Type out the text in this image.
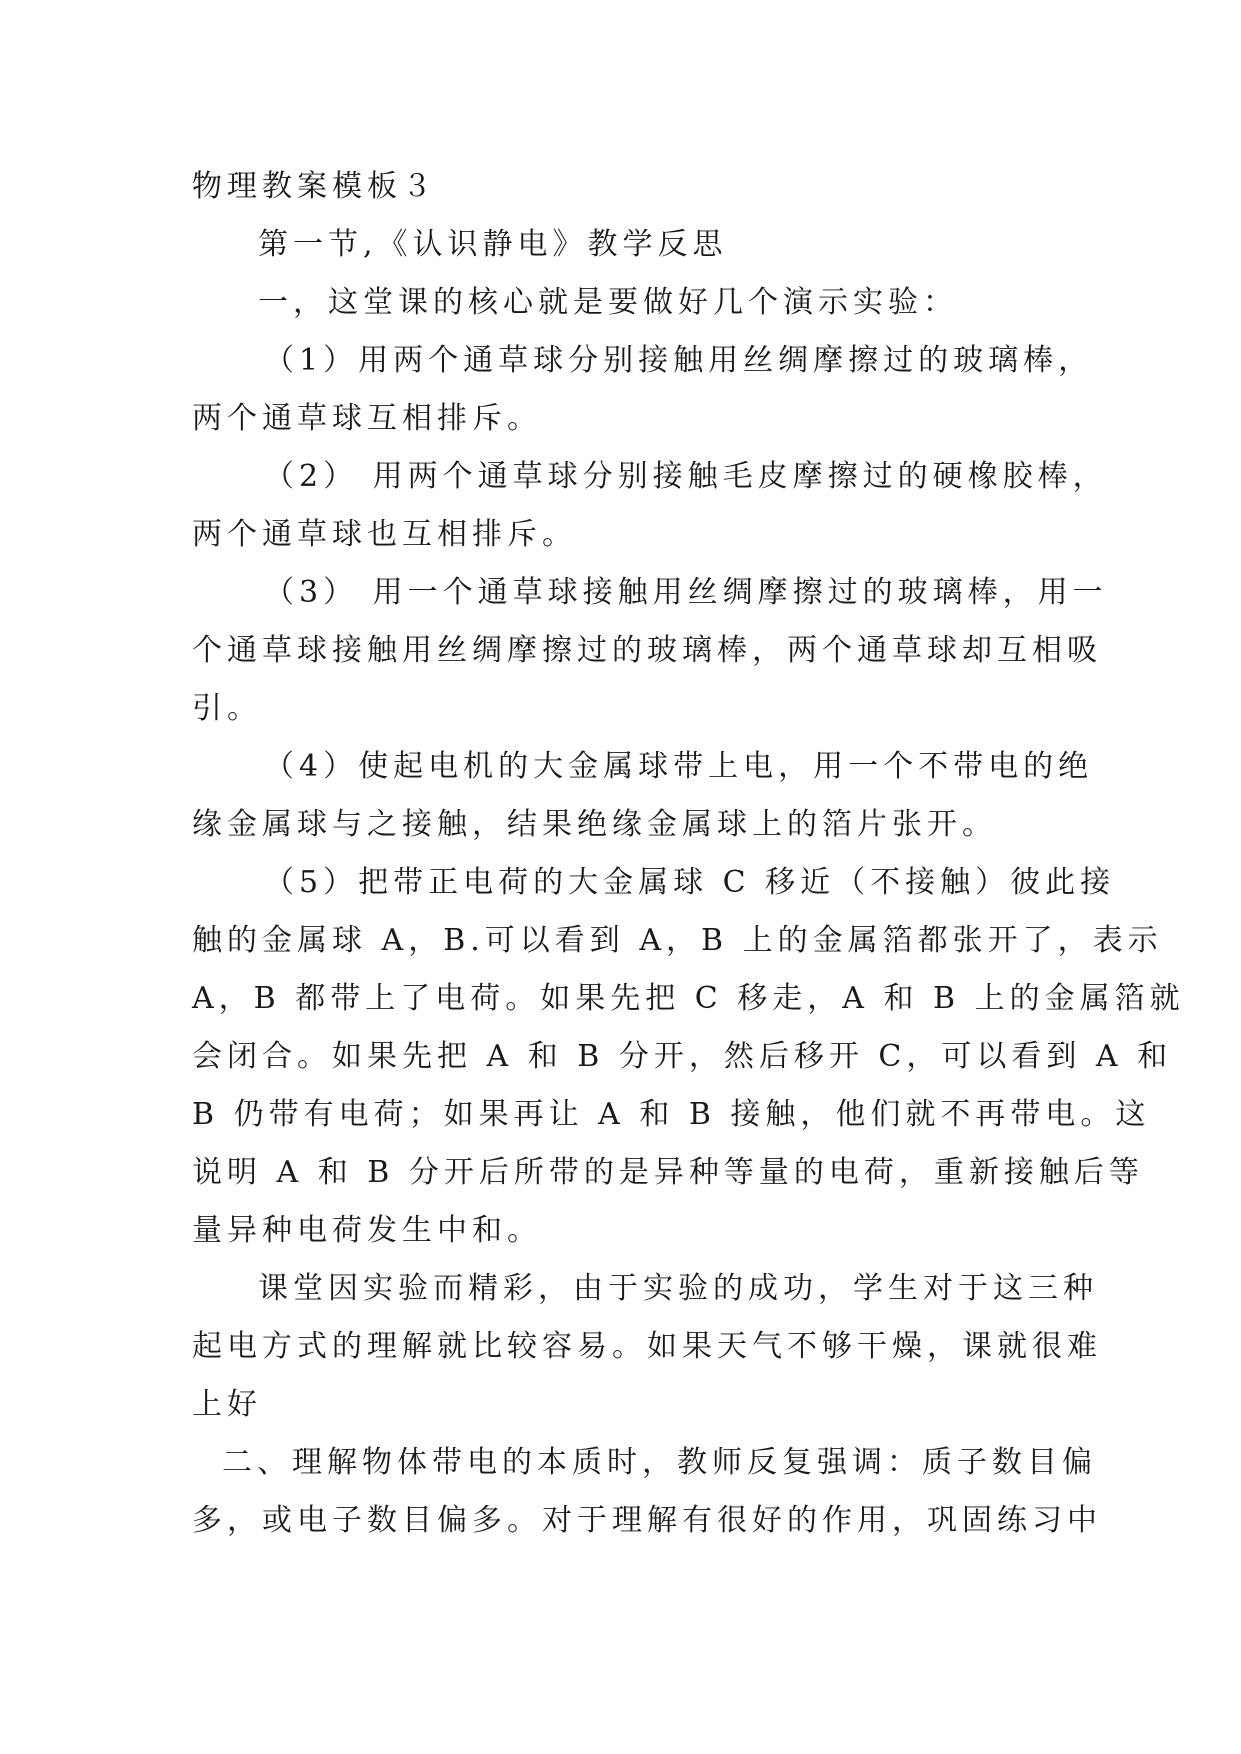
物理教案模板３
第一节,《认识静电》教学反思
一，这堂课的核心就是要做好几个演示实验：
（1）用两个通草球分别接触用丝绸摩擦过的玻璃棒，
两个通草球互相排斥。
（2） 用两个通草球分别接触毛皮摩擦过的硬橡胶棒，
两个通草球也互相排斥。
（3） 用一个通草球接触用丝绸摩擦过的玻璃棒，用一
个通草球接触用丝绸摩擦过的玻璃棒，两个通草球却互相吸
引。
（4）使起电机的大金属球带上电，用一个不带电的绝
缘金属球与之接触，结果绝缘金属球上的箔片张开。
（5）把带正电荷的大金属球 C 移近（不接触）彼此接
触的金属球 A，B.可以看到 A，B 上的金属箔都张开了，表示
A，B 都带上了电荷。如果先把 C 移走，A 和 B 上的金属箔就
会闭合。如果先把 A 和 B 分开，然后移开 C，可以看到 A 和
B 仍带有电荷；如果再让 A 和 B 接触，他们就不再带电。这
说明 A 和 B 分开后所带的是异种等量的电荷，重新接触后等
量异种电荷发生中和。
课堂因实验而精彩，由于实验的成功，学生对于这三种
起电方式的理解就比较容易。如果天气不够干燥，课就很难
上好
二、理解物体带电的本质时，教师反复强调：质子数目偏
多，或电子数目偏多。对于理解有很好的作用，巩固练习中
